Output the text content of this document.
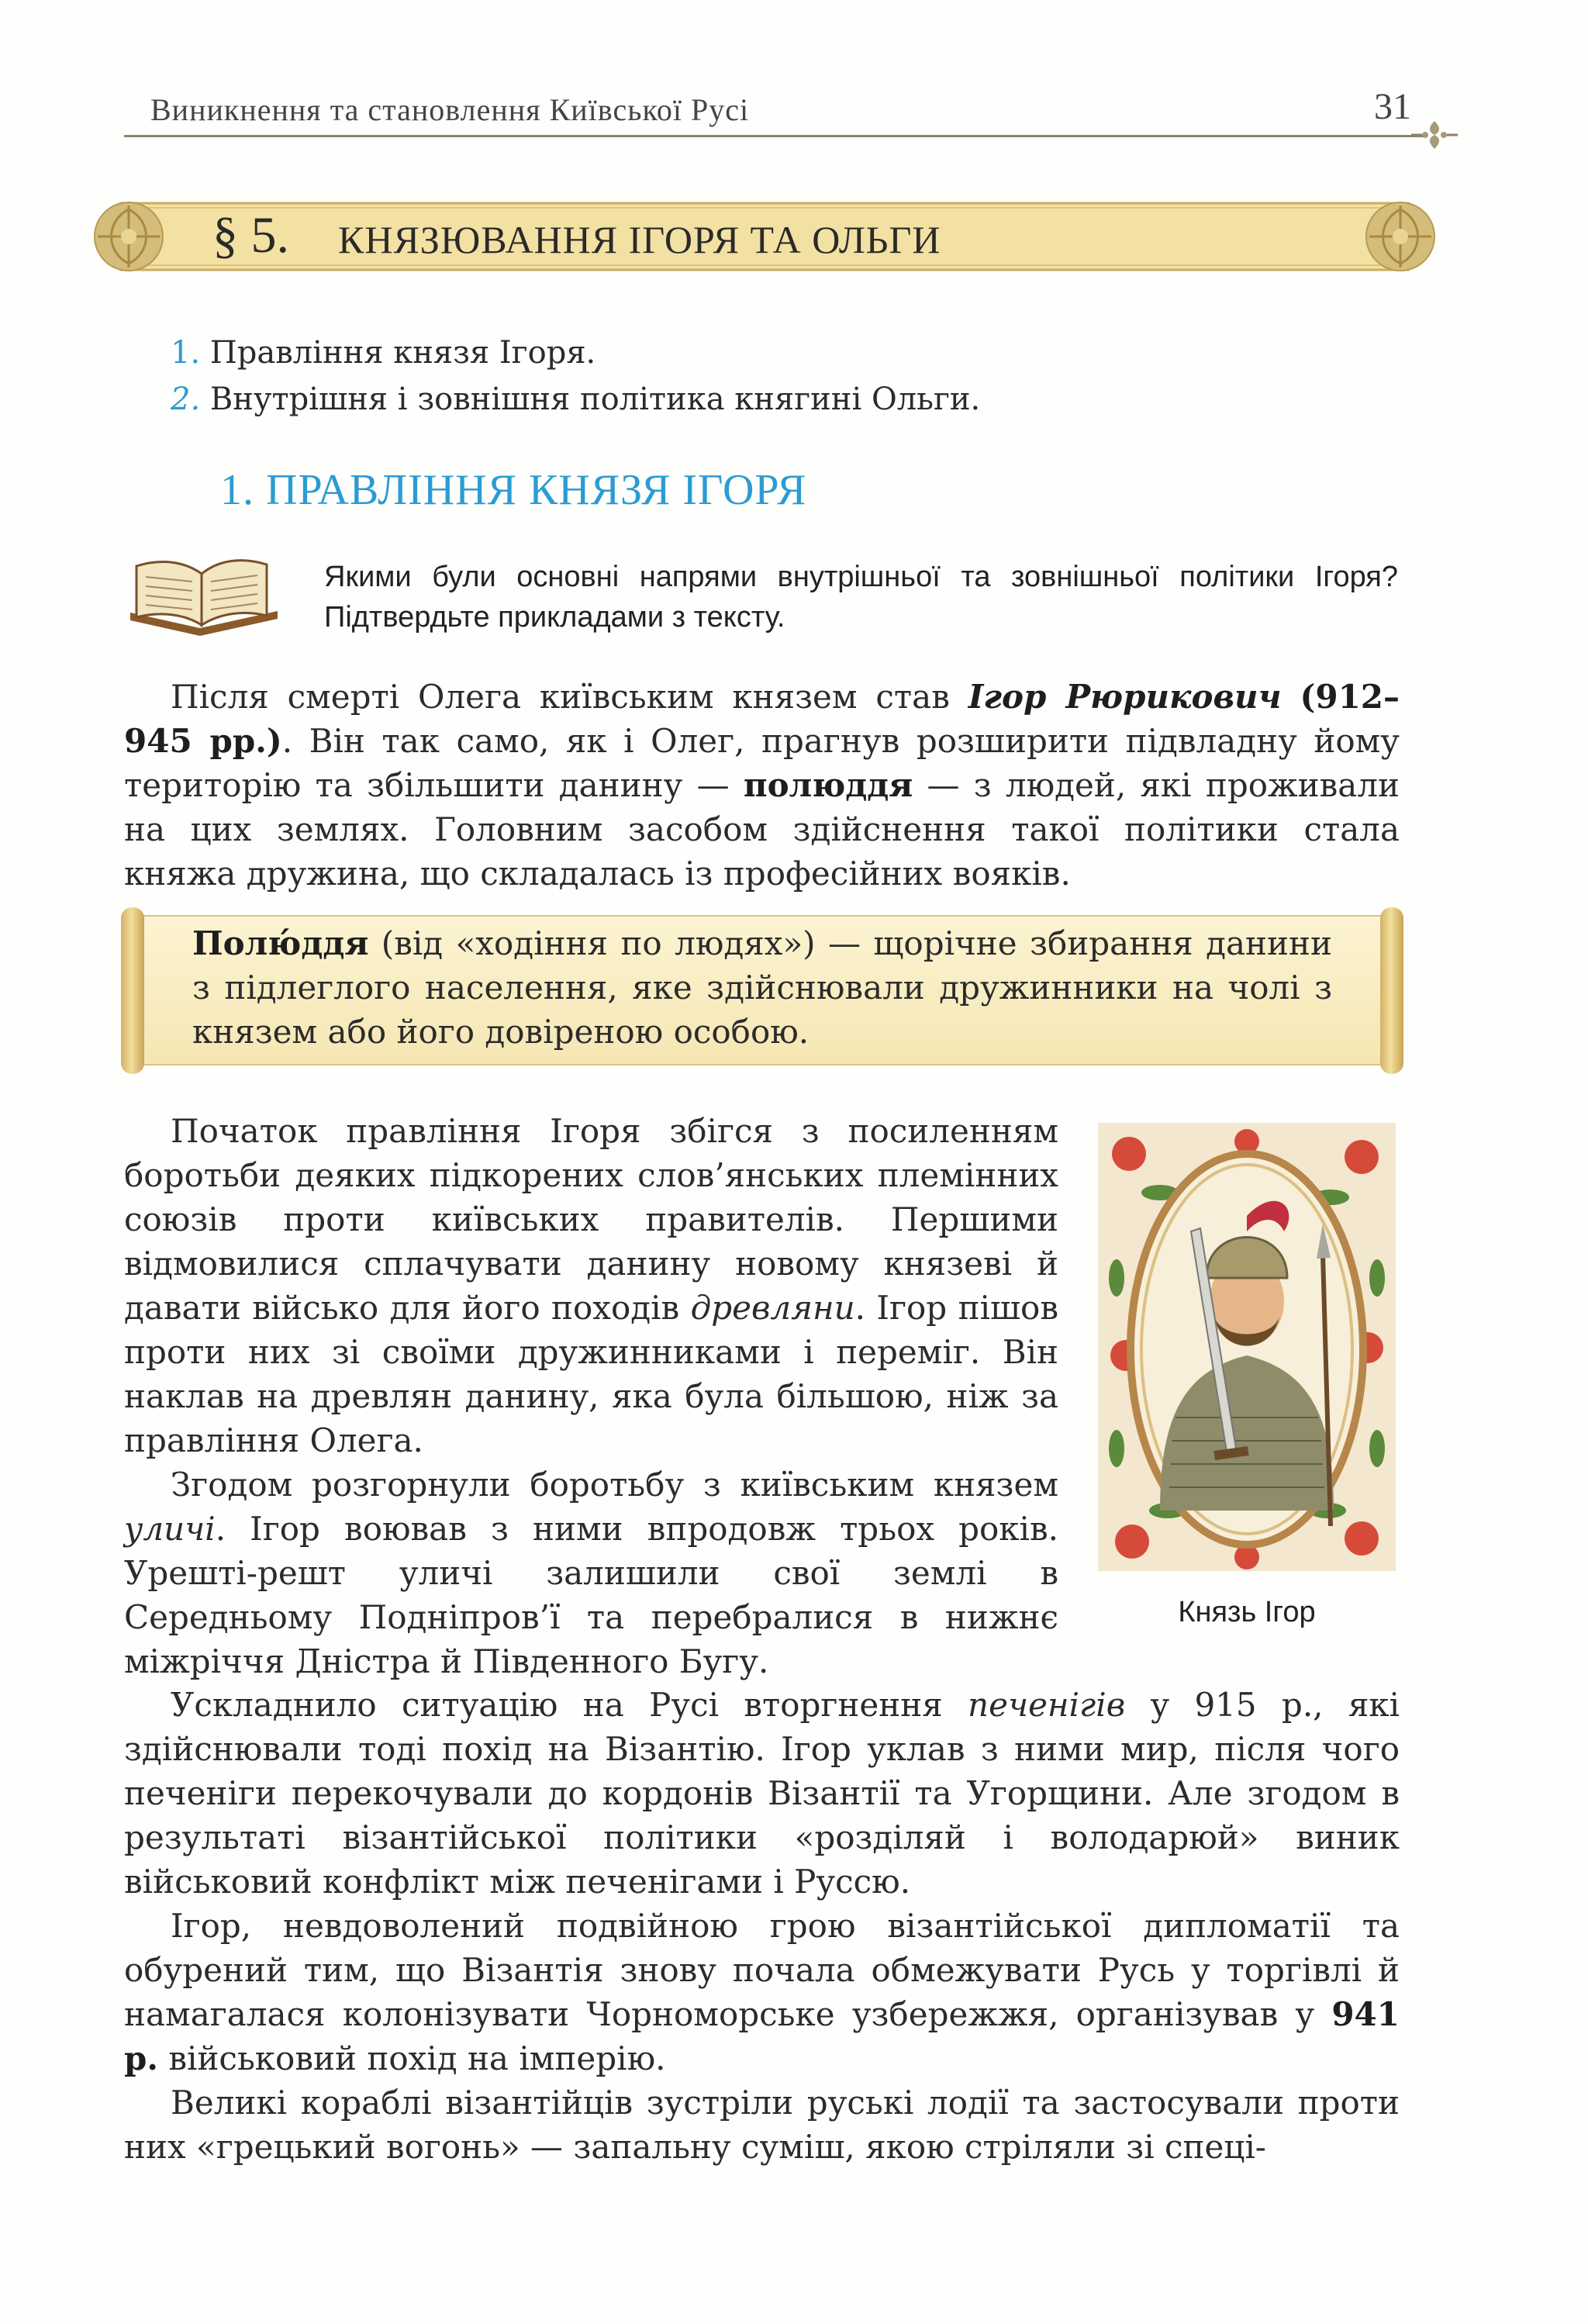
Виникнення та становлення Київської Русі	31
§ 5. КНЯЗЮВАННЯ ІГОРЯ ТА ОЛЬГИ
1. Правління князя Ігоря.
2. Внутрішня і зовнішня політика княгині Ольги.
1. ПРАВЛІННЯ КНЯЗЯ ІГОРЯ
Якими були основні напрями внутрішньої та зовнішньої політики Ігоря? Підтвердьте прикладами з тексту.
Після смерті Олега київським князем став Ігор Рюрикович (912–945 рр.). Він так само, як і Олег, прагнув розширити підвладну йому територію та збільшити данину — полюддя — з людей, які проживали на цих землях. Головним засобом здійснення такої політики стала княжа дружина, що складалась із професійних вояків.
Полю́ддя (від «ходіння по людях») — щорічне збирання данини з підлеглого населення, яке здійснювали дружинники на чолі з князем або його довіреною особою.
Початок правління Ігоря збігся з посиленням боротьби деяких підкорених слов’янських племінних союзів проти київських правителів. Першими відмовилися сплачувати данину новому князеві й давати військо для його походів древляни. Ігор пішов проти них зі своїми дружинниками і переміг. Він наклав на древлян данину, яка була більшою, ніж за правління Олега.
Згодом розгорнули боротьбу з київським князем уличі. Ігор воював з ними впродовж трьох років. Урешті-решт уличі залишили свої землі в Середньому Подніпров’ї та перебралися в нижнє міжріччя Дністра й Південного Бугу.
Князь Ігор
Ускладнило ситуацію на Русі вторгнення печенігів у 915 р., які здійснювали тоді похід на Візантію. Ігор уклав з ними мир, після чого печеніги перекочували до кордонів Візантії та Угорщини. Але згодом в результаті візантійської політики «розділяй і володарюй» виник військовий конфлікт між печенігами і Руссю.
Ігор, невдоволений подвійною грою візантійської дипломатії та обурений тим, що Візантія знову почала обмежувати Русь у торгівлі й намагалася колонізувати Чорноморське узбережжя, організував у 941 р. військовий похід на імперію.
Великі кораблі візантійців зустріли руські лодії та застосували проти них «грецький вогонь» — запальну суміш, якою стріляли зі спеці-
